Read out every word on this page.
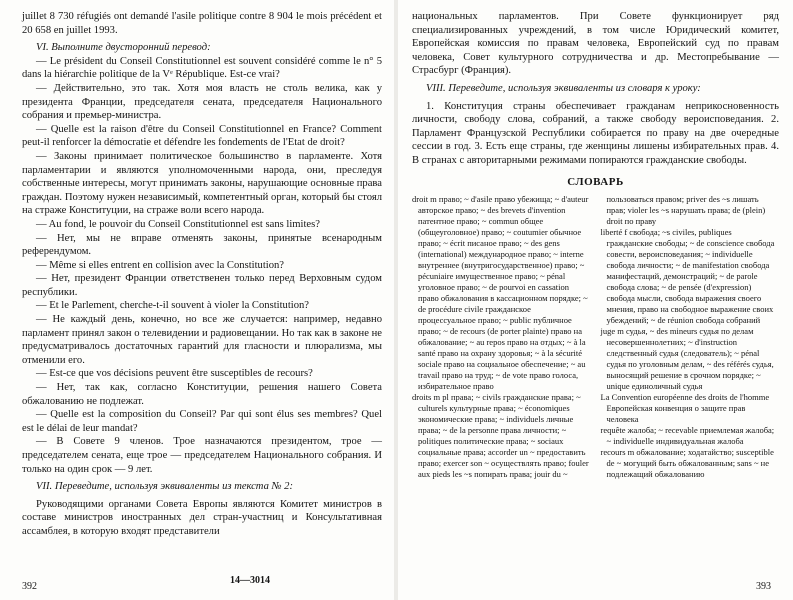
juillet 8 730 réfugiés ont demandé l'asile politique contre 8 904 le mois précédent et 20 658 en juillet 1993.

VI. Выполните двусторонний перевод:

— Le président du Conseil Constitutionnel est souvent considéré comme le n° 5 dans la hiérarchie politique de la Vᵉ République. Est-ce vrai?

— Действительно, это так. Хотя моя власть не столь велика, как у президента Франции, председателя сената, председателя Национального собрания и премьер-министра.

— Quelle est la raison d'être du Conseil Constitutionnel en France? Comment peut-il renforcer la démocratie et défendre les fondements de l'Etat de droit?

— Законы принимает политическое большинство в парламенте. Хотя парламентарии и являются уполномоченными народа, они, преследуя собственные интересы, могут принимать законы, нарушающие основные права граждан. Поэтому нужен независимый, компетентный орган, который бы стоял на страже Конституции, на страже воли всего народа.

— Au fond, le pouvoir du Conseil Constitutionnel est sans limites?

— Нет, мы не вправе отменять законы, принятые всенародным референдумом.

— Même si elles entrent en collision avec la Constitution?

— Нет, президент Франции ответственен только перед Верховным судом республики.

— Et le Parlement, cherche-t-il souvent à violer la Constitution?

— Не каждый день, конечно, но все же случается: например, недавно парламент принял закон о телевидении и радиовещании. Но так как в законе не предусматривалось достаточных гарантий для гласности и плюрализма, мы отменили его.

— Est-ce que vos décisions peuvent être susceptibles de recours?

— Нет, так как, согласно Конституции, решения нашего Совета обжалованию не подлежат.

— Quelle est la composition du Conseil? Par qui sont élus ses membres? Quel est le délai de leur mandat?

— В Совете 9 членов. Трое назначаются президентом, трое — председателем сената, еще трое — председателем Национального собрания. И только на один срок — 9 лет.

VII. Переведите, используя эквиваленты из текста № 2:

Руководящими органами Совета Европы являются Комитет министров в составе министров иностранных дел стран-участниц и Консультативная ассамблея, в которую входят представители

392

национальных парламентов. При Совете функционирует ряд специализированных учреждений, в том числе Юридический комитет, Европейская комиссия по правам человека, Европейский суд по правам человека, Совет культурного сотрудничества и др. Местопребывание — Страсбург (Франция).

VIII. Переведите, используя эквиваленты из словаря к уроку:

1. Конституция страны обеспечивает гражданам неприкосновенность личности, свободу слова, собраний, а также свободу вероисповедания. 2. Парламент Французской Республики собирается по праву на две очередные сессии в год. 3. Есть еще страны, где женщины лишены избирательных прав. 4. В странах с авторитарными режимами попираются гражданские свободы.

СЛОВАРЬ

droit m право; ~ d'asile право убежища; ~ d'auteur авторское право; ~ des brevets d'invention патентное право; ~ commun общее (общеуголовное) право; ~ coutumier обычное право; ~ écrit писаное право; ~ des gens (international) международное право; ~ interne внутреннее (внутригосударственное) право; ~ pécuniaire имущественное право; ~ pénal уголовное право; ~ de pourvoi en cassation право обжалования в кассационном порядке; ~ de procédure civile гражданское процессуальное право; ~ public публичное право; ~ de recours (de porter plainte) право на обжалование; ~ au repos право на отдых; ~ à la santé право на охрану здоровья; ~ à la sécurité sociale право на социальное обеспечение; ~ au travail право на труд; ~ de vote право голоса, избирательное право

droits m pl права; ~ civils гражданские права; ~ culturels культурные права; ~ économiques экономические права; ~ individuels личные права; ~ de la personne права личности; ~ politiques политические права; ~ sociaux социальные права; accorder un ~ предоставить право; exercer son ~ осуществлять право; fouler aux pieds les ~s попирать права; jouir du ~

пользоваться правом; priver des ~s лишать прав; violer les ~s нарушать права; de (plein) droit по праву

liberté f свобода; ~s civiles, publiques гражданские свободы; ~ de conscience свобода совести, вероисповедания; ~ individuelle свобода личности; ~ de manifestation свобода манифестаций, демонстраций; ~ de parole свобода слова; ~ de pensée (d'expression) свобода мысли, свобода выражения своего мнения, право на свободное выражение своих убеждений; ~ de réunion свобода собраний

juge m судья, ~ des mineurs судья по делам несовершеннолетних; ~ d'instruction следственный судья (следователь); ~ pénal судья по уголовным делам, ~ des référés судья, выносящий решение в срочном порядке; ~ unique единоличный судья

La Convention européenne des droits de l'homme Европейская конвенция о защите прав человека

requête жалоба; ~ recevable приемлемая жалоба; ~ individuelle индивидуальная жалоба

recours m обжалование; ходатайство; susceptible de ~ могущий быть обжалованным; sans ~ не подлежащий обжалованию

14—3014
393
